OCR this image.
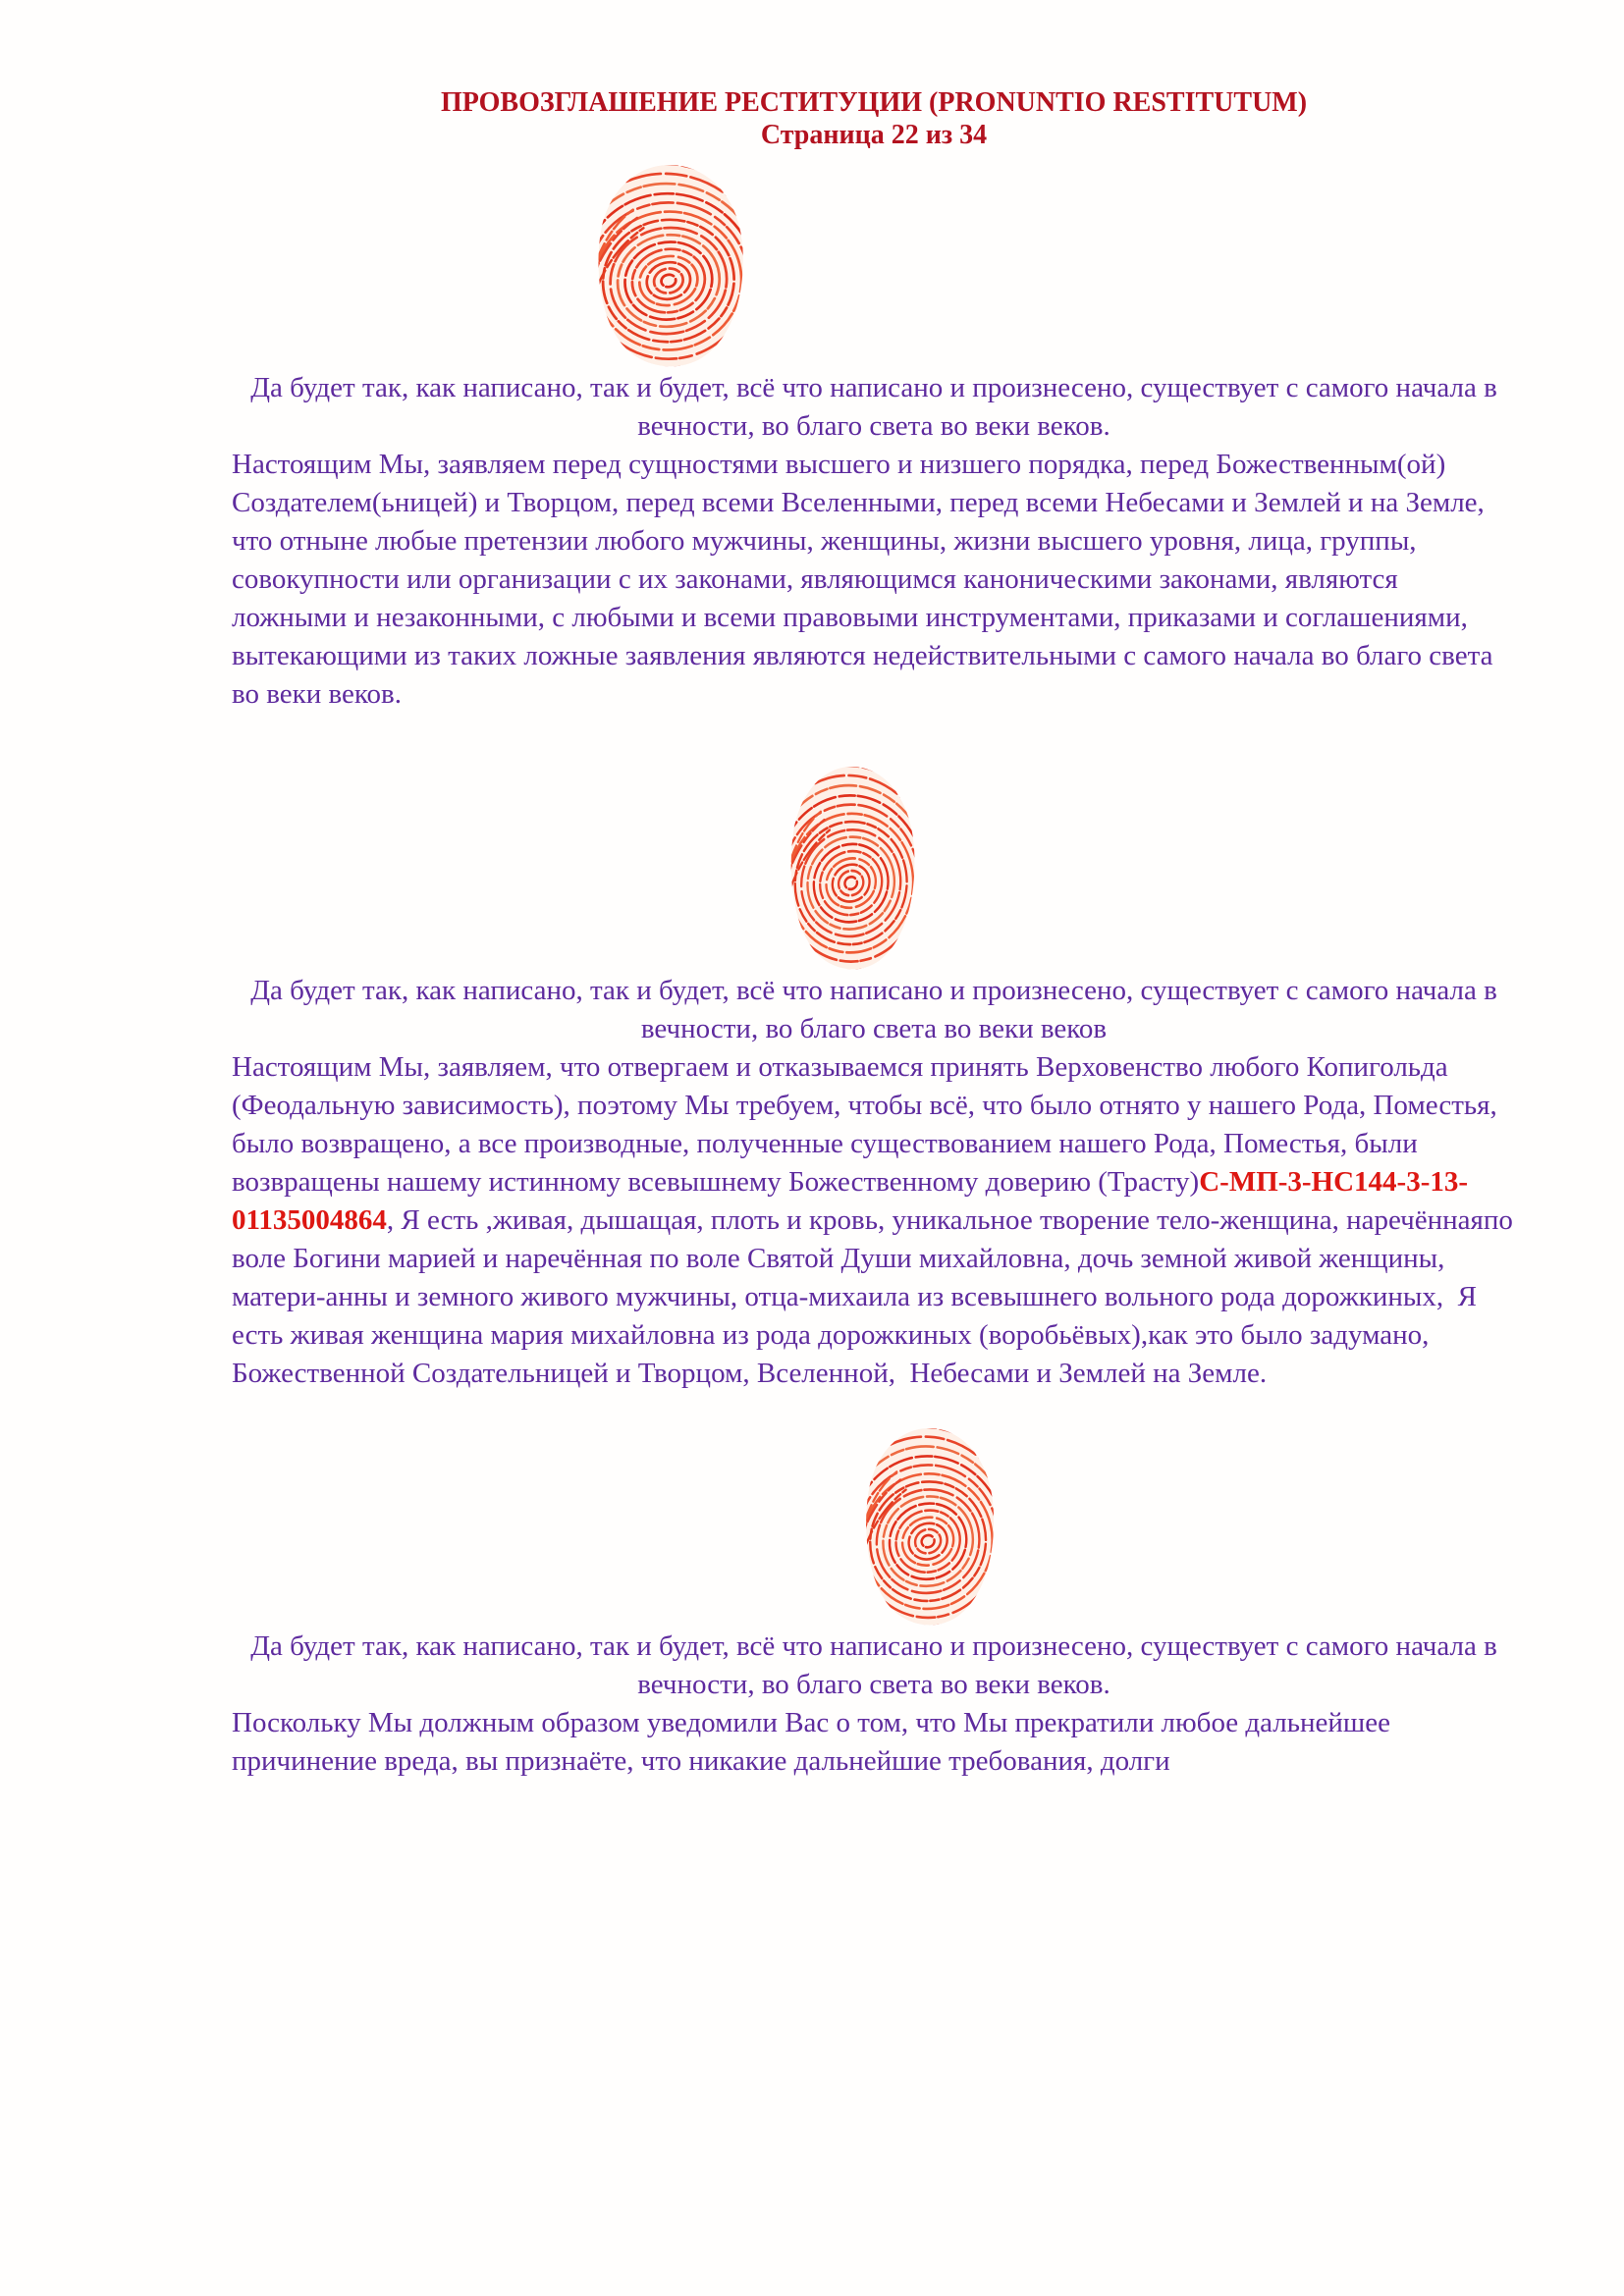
ПРОВОЗГЛАШЕНИЕ РЕСТИТУЦИИ (PRONUNTIO RESTITUTUM)
Страница 22 из 34

Да будет так, как написано, так и будет, всё что написано и произнесено, существует с самого начала в вечности, во благо света во веки веков.

Настоящим Мы, заявляем перед сущностями высшего и низшего порядка, перед Божественным(ой) Создателем(ьницей) и Творцом, перед всеми Вселенными, перед всеми Небесами и Землей и на Земле, что отныне любые претензии любого мужчины, женщины, жизни высшего уровня, лица, группы, совокупности или организации с их законами, являющимся каноническими законами, являются ложными и незаконными, с любыми и всеми правовыми инструментами, приказами и соглашениями, вытекающими из таких ложные заявления являются недействительными с самого начала во благо света во веки веков.

Да будет так, как написано, так и будет, всё что написано и произнесено, существует с самого начала в вечности, во благо света во веки веков

Настоящим Мы, заявляем, что отвергаем и отказываемся принять Верховенство любого Копигольда (Феодальную зависимость), поэтому Мы требуем, чтобы всё, что было отнято у нашего Рода, Поместья, было возвращено, а все производные, полученные существованием нашего Рода, Поместья, были возвращены нашему истинному всевышнему Божественному доверию (Трасту)С-МП-3-НС144-3-13-01135004864, Я есть ,живая, дышащая, плоть и кровь, уникальное творение тело-женщина, наречённаяпо воле Богини марией и наречённая по воле Святой Души михайловна, дочь земной живой женщины, матери-анны и земного живого мужчины, отца-михаила из всевышнего вольного рода дорожкиных,  Я есть живая женщина мария михайловна из рода дорожкиных (воробьёвых),как это было задумано, Божественной Создательницей и Творцом, Вселенной,  Небесами и Землей на Земле.

Да будет так, как написано, так и будет, всё что написано и произнесено, существует с самого начала в вечности, во благо света во веки веков.

Поскольку Мы должным образом уведомили Вас о том, что Мы прекратили любое дальнейшее причинение вреда, вы признаёте, что никакие дальнейшие требования, долги
